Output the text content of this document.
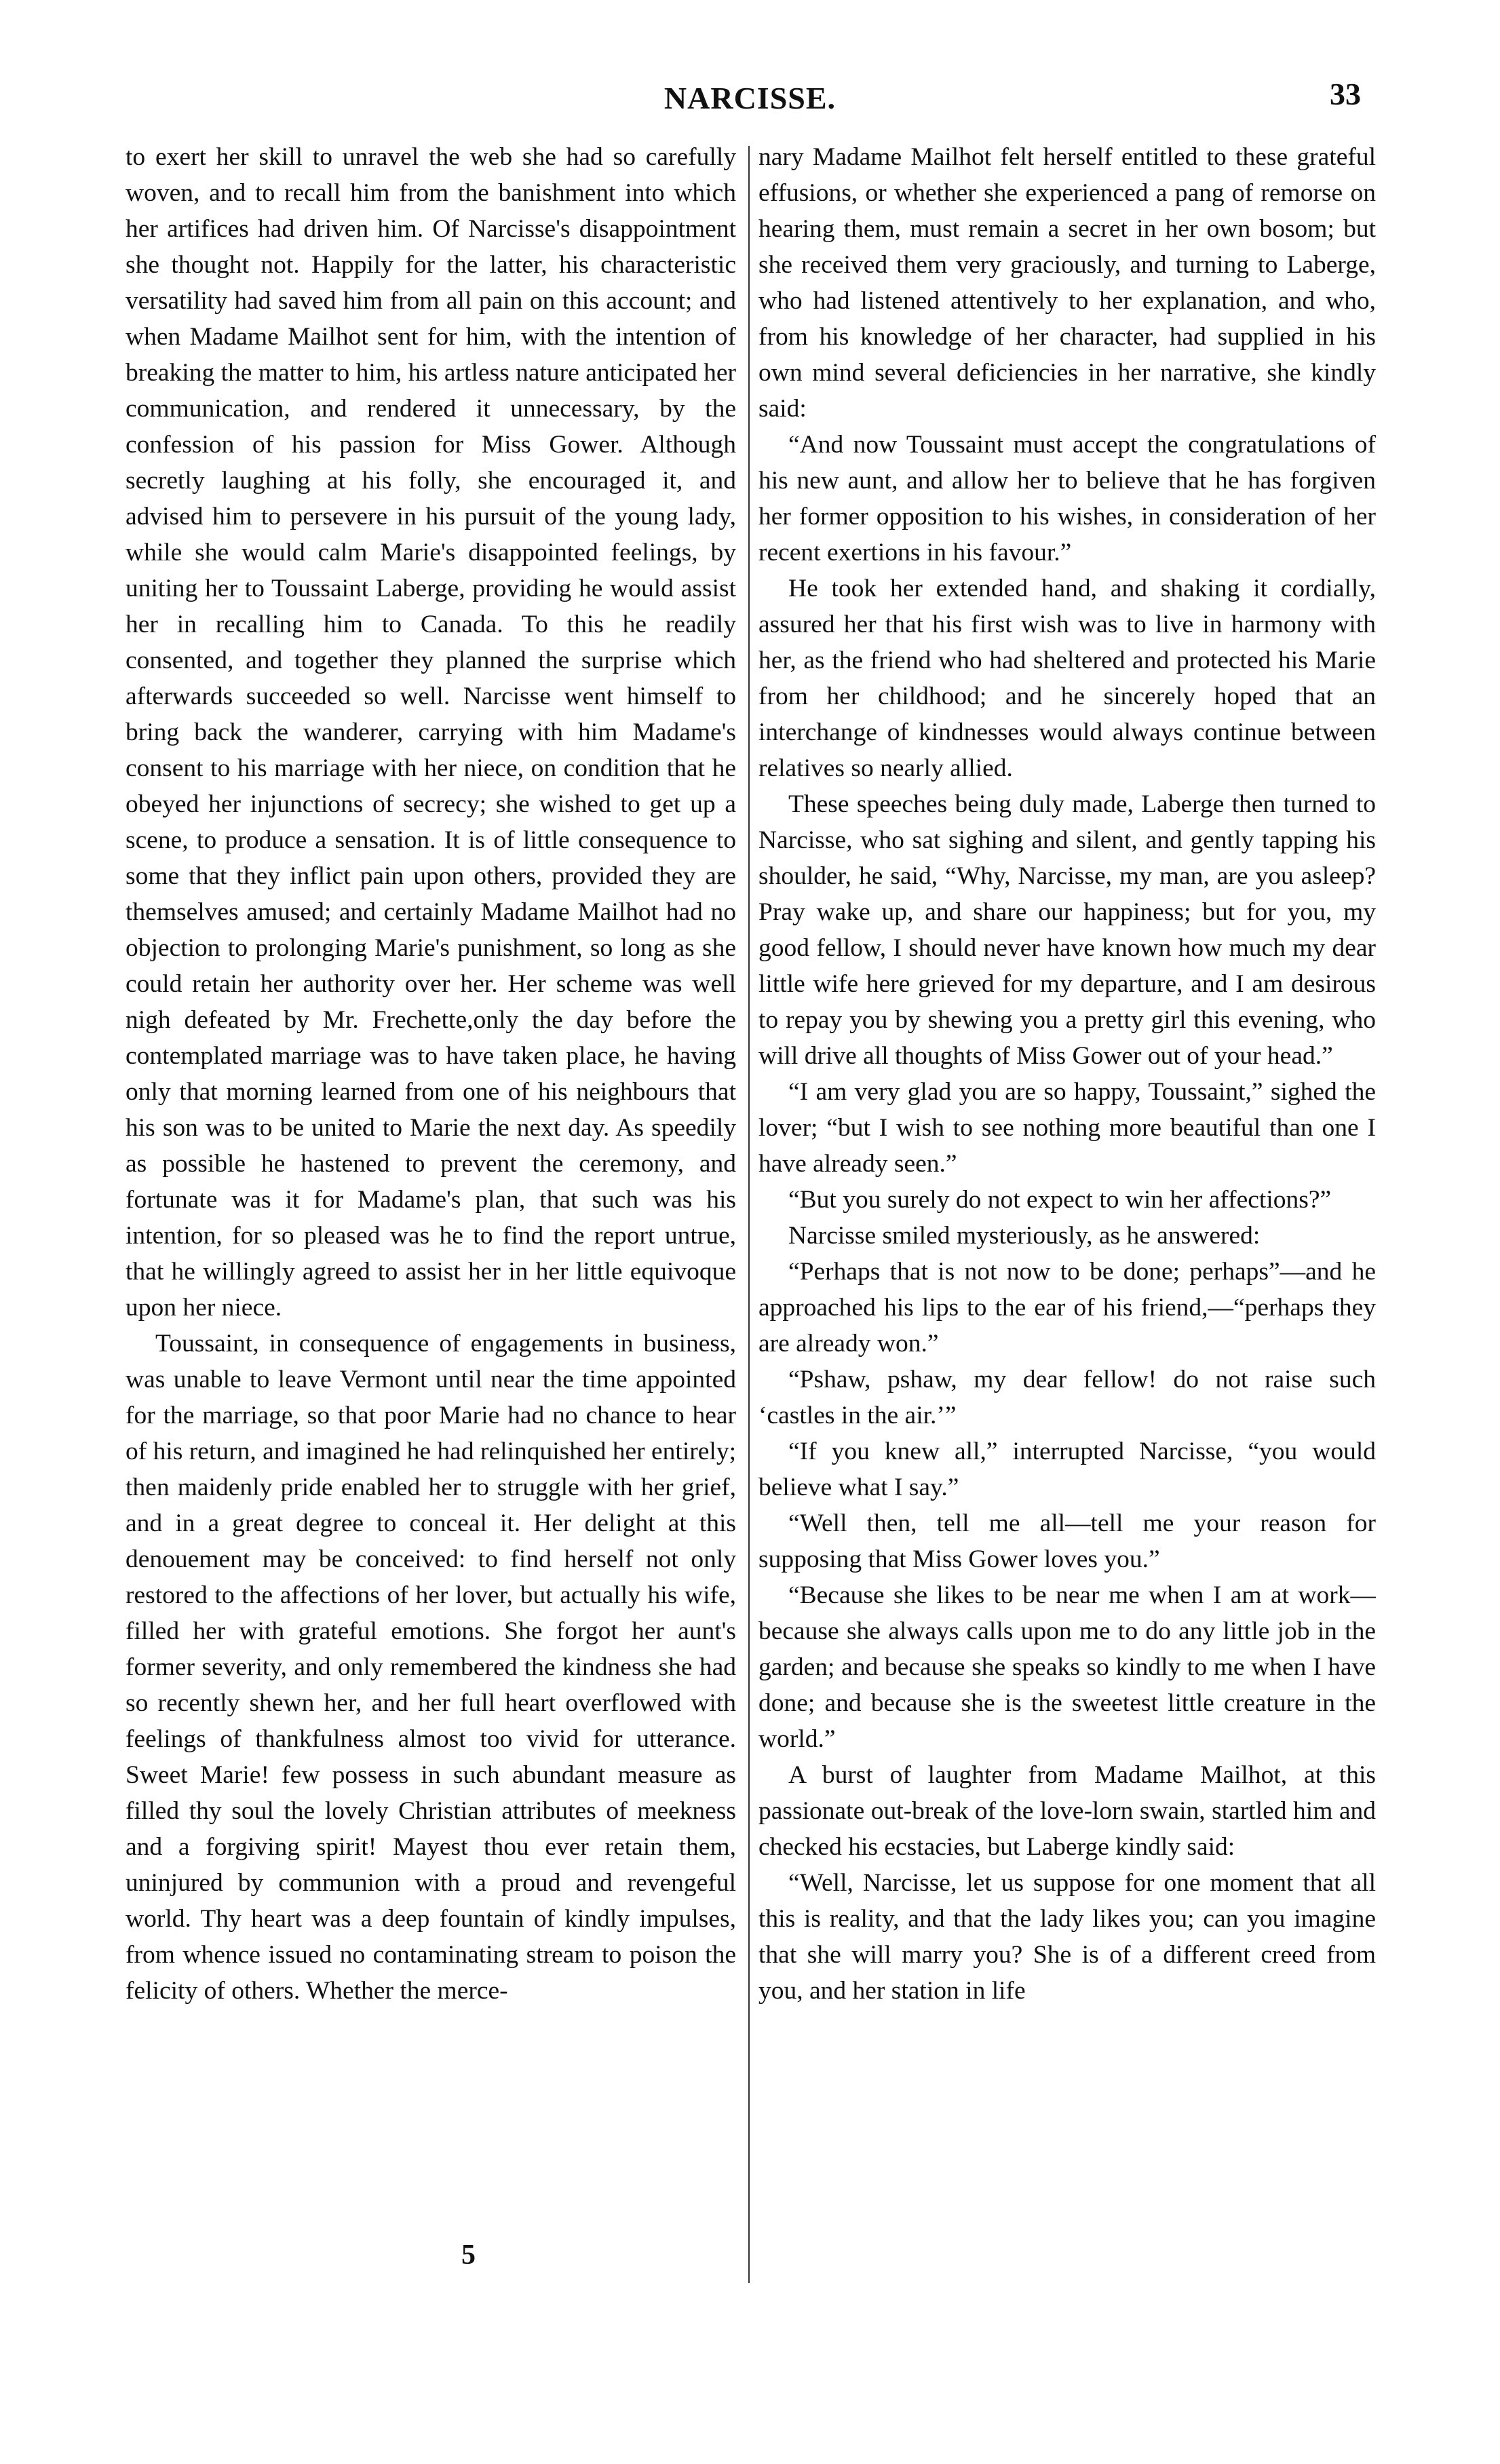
NARCISSE.	33

to exert her skill to unravel the web she had so carefully woven, and to recall him from the banishment into which her artifices had driven him. Of Narcisse's disappointment she thought not. Happily for the latter, his characteristic versatility had saved him from all pain on this account; and when Madame Mailhot sent for him, with the intention of breaking the matter to him, his artless nature anticipated her communication, and rendered it unnecessary, by the confession of his passion for Miss Gower. Although secretly laughing at his folly, she encouraged it, and advised him to persevere in his pursuit of the young lady, while she would calm Marie's disappointed feelings, by uniting her to Toussaint Laberge, providing he would assist her in recalling him to Canada. To this he readily consented, and together they planned the surprise which afterwards succeeded so well. Narcisse went himself to bring back the wanderer, carrying with him Madame's consent to his marriage with her niece, on condition that he obeyed her injunctions of secrecy; she wished to get up a scene, to produce a sensation. It is of little consequence to some that they inflict pain upon others, provided they are themselves amused; and certainly Madame Mailhot had no objection to prolonging Marie's punishment, so long as she could retain her authority over her. Her scheme was well nigh defeated by Mr. Frechette,only the day before the contemplated marriage was to have taken place, he having only that morning learned from one of his neighbours that his son was to be united to Marie the next day. As speedily as possible he hastened to prevent the ceremony, and fortunate was it for Madame's plan, that such was his intention, for so pleased was he to find the report untrue, that he willingly agreed to assist her in her little equivoque upon her niece.

Toussaint, in consequence of engagements in business, was unable to leave Vermont until near the time appointed for the marriage, so that poor Marie had no chance to hear of his return, and imagined he had relinquished her entirely; then maidenly pride enabled her to struggle with her grief, and in a great degree to conceal it. Her delight at this denouement may be conceived: to find herself not only restored to the affections of her lover, but actually his wife, filled her with grateful emotions. She forgot her aunt's former severity, and only remembered the kindness she had so recently shewn her, and her full heart overflowed with feelings of thankfulness almost too vivid for utterance. Sweet Marie! few possess in such abundant measure as filled thy soul the lovely Christian attributes of meekness and a forgiving spirit! Mayest thou ever retain them, uninjured by communion with a proud and revengeful world. Thy heart was a deep fountain of kindly impulses, from whence issued no contaminating stream to poison the felicity of others. Whether the merce-

nary Madame Mailhot felt herself entitled to these grateful effusions, or whether she experienced a pang of remorse on hearing them, must remain a secret in her own bosom; but she received them very graciously, and turning to Laberge, who had listened attentively to her explanation, and who, from his knowledge of her character, had supplied in his own mind several deficiencies in her narrative, she kindly said:

“And now Toussaint must accept the congratulations of his new aunt, and allow her to believe that he has forgiven her former opposition to his wishes, in consideration of her recent exertions in his favour.”

He took her extended hand, and shaking it cordially, assured her that his first wish was to live in harmony with her, as the friend who had sheltered and protected his Marie from her childhood; and he sincerely hoped that an interchange of kindnesses would always continue between relatives so nearly allied.

These speeches being duly made, Laberge then turned to Narcisse, who sat sighing and silent, and gently tapping his shoulder, he said, “Why, Narcisse, my man, are you asleep? Pray wake up, and share our happiness; but for you, my good fellow, I should never have known how much my dear little wife here grieved for my departure, and I am desirous to repay you by shewing you a pretty girl this evening, who will drive all thoughts of Miss Gower out of your head.”

“I am very glad you are so happy, Toussaint,” sighed the lover; “but I wish to see nothing more beautiful than one I have already seen.”

“But you surely do not expect to win her affections?”

Narcisse smiled mysteriously, as he answered:

“Perhaps that is not now to be done; perhaps”—and he approached his lips to the ear of his friend,—“perhaps they are already won.”

“Pshaw, pshaw, my dear fellow! do not raise such ‘castles in the air.’”

“If you knew all,” interrupted Narcisse, “you would believe what I say.”

“Well then, tell me all—tell me your reason for supposing that Miss Gower loves you.”

“Because she likes to be near me when I am at work—because she always calls upon me to do any little job in the garden; and because she speaks so kindly to me when I have done; and because she is the sweetest little creature in the world.”

A burst of laughter from Madame Mailhot, at this passionate out-break of the love-lorn swain, startled him and checked his ecstacies, but Laberge kindly said:

“Well, Narcisse, let us suppose for one moment that all this is reality, and that the lady likes you; can you imagine that she will marry you? She is of a different creed from you, and her station in life

5
